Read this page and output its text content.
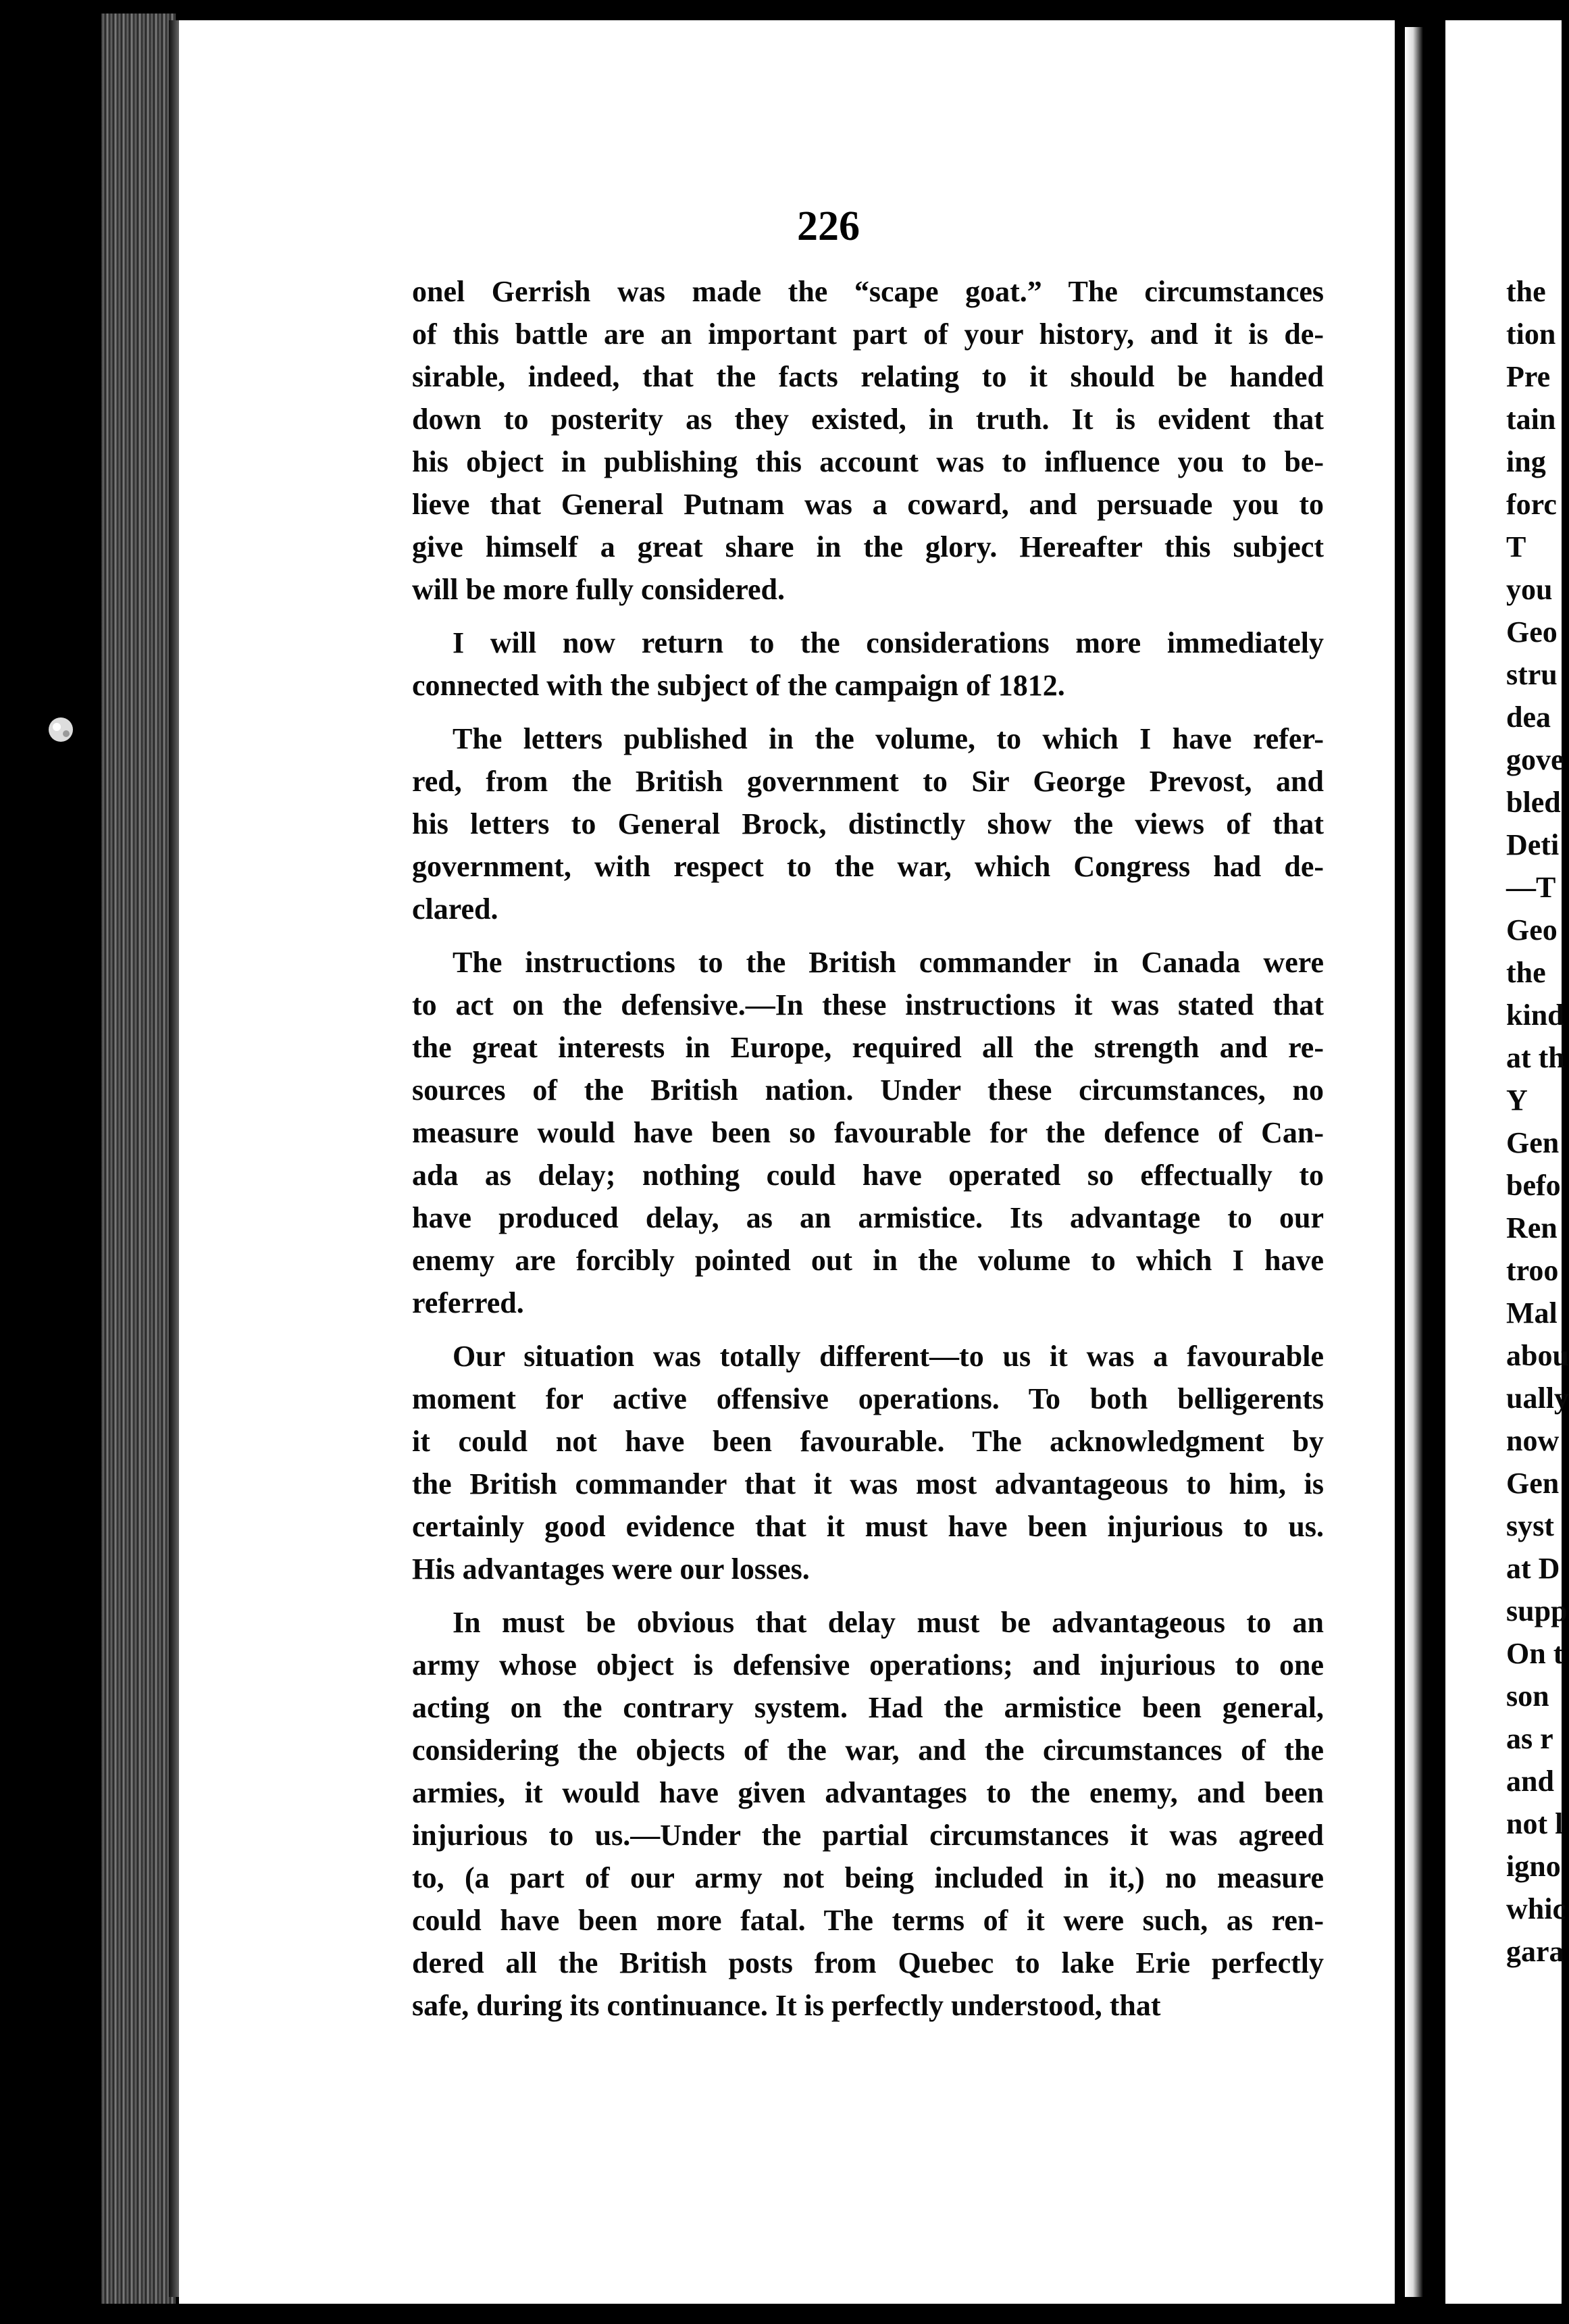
226
onel Gerrish was made the “scape goat.” The circumstances
of this battle are an important part of your history, and it is de-
sirable, indeed, that the facts relating to it should be handed
down to posterity as they existed, in truth. It is evident that
his object in publishing this account was to influence you to be-
lieve that General Putnam was a coward, and persuade you to
give himself a great share in the glory. Hereafter this subject
will be more fully considered.
I will now return to the considerations more immediately
connected with the subject of the campaign of 1812.
The letters published in the volume, to which I have refer-
red, from the British government to Sir George Prevost, and
his letters to General Brock, distinctly show the views of that
government, with respect to the war, which Congress had de-
clared.
The instructions to the British commander in Canada were
to act on the defensive.—In these instructions it was stated that
the great interests in Europe, required all the strength and re-
sources of the British nation. Under these circumstances, no
measure would have been so favourable for the defence of Can-
ada as delay; nothing could have operated so effectually to
have produced delay, as an armistice. Its advantage to our
enemy are forcibly pointed out in the volume to which I have
referred.
Our situation was totally different—to us it was a favourable
moment for active offensive operations. To both belligerents
it could not have been favourable. The acknowledgment by
the British commander that it was most advantageous to him, is
certainly good evidence that it must have been injurious to us.
His advantages were our losses.
In must be obvious that delay must be advantageous to an
army whose object is defensive operations; and injurious to one
acting on the contrary system. Had the armistice been general,
considering the objects of the war, and the circumstances of the
armies, it would have given advantages to the enemy, and been
injurious to us.—Under the partial circumstances it was agreed
to, (a part of our army not being included in it,) no measure
could have been more fatal. The terms of it were such, as ren-
dered all the British posts from Quebec to lake Erie perfectly
safe, during its continuance. It is perfectly understood, that
the
tion
Pre
tain
ing
forc
T
you
Geo
stru
dea
gove
bled
Deti
—T
Geo
the
kind
at th
Y
Gen
befo
Ren
troo
Mal
abou
ually
now
Gen
syst
at D
supp
On t
son
as r
and
not l
igno
whic
gara
